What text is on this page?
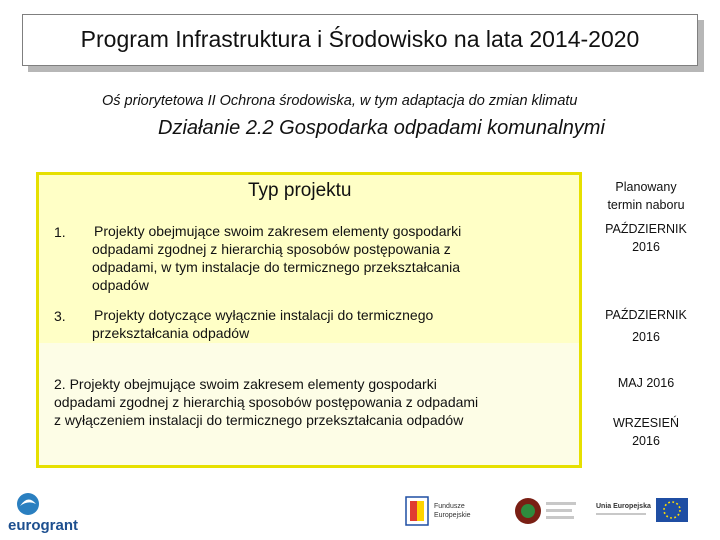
Program Infrastruktura i Środowisko na lata 2014-2020
Oś priorytetowa II Ochrona środowiska, w tym adaptacja do zmian klimatu
Działanie 2.2 Gospodarka odpadami komunalnymi
Typ projektu
1. Projekty obejmujące swoim zakresem elementy gospodarki
odpadami zgodnej z hierarchią sposobów postępowania z
odpadami, w tym instalacje do termicznego przekształcania
odpadów
3. Projekty dotyczące wyłącznie instalacji do termicznego
przekształcania odpadów
2. Projekty obejmujące swoim zakresem elementy gospodarki
odpadami zgodnej z hierarchią sposobów postępowania z odpadami
z wyłączeniem instalacji do termicznego przekształcania odpadów
Planowany
termin naboru
PAŹDZIERNIK
2016
PAŹDZIERNIK
2016
MAJ 2016
WRZESIEŃ
2016
eurogrant
Fundusze
Europejskie
Unia Europejska
